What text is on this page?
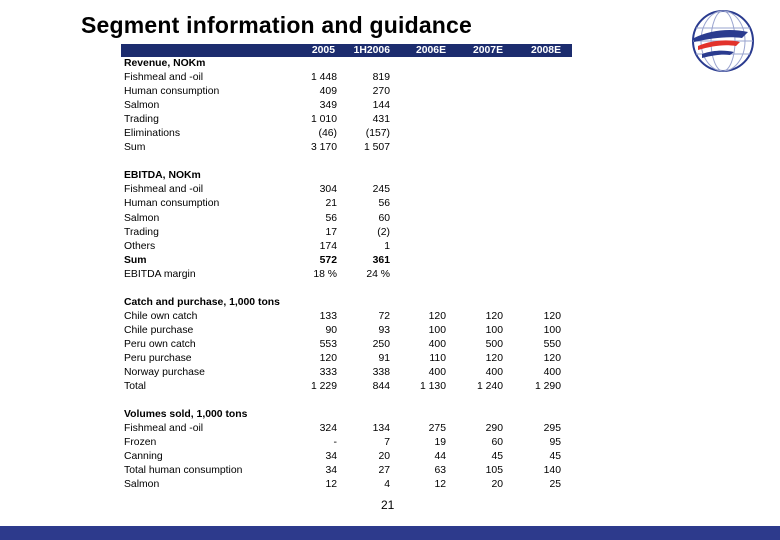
Segment information and guidance
2005	1H2006	2006E	2007E	2008E
Revenue, NOKm
Fishmeal and -oil	1 448	819
Human consumption	409	270
Salmon	349	144
Trading	1 010	431
Eliminations	(46)	(157)
Sum	3 170	1 507
EBITDA, NOKm
Fishmeal and -oil	304	245
Human consumption	21	56
Salmon	56	60
Trading	17	(2)
Others	174	1
Sum	572	361
EBITDA margin	18 %	24 %
Catch and purchase, 1,000 tons
Chile own catch	133	72	120	120	120
Chile purchase	90	93	100	100	100
Peru own catch	553	250	400	500	550
Peru purchase	120	91	110	120	120
Norway purchase	333	338	400	400	400
Total	1 229	844	1 130	1 240	1 290
Volumes sold, 1,000 tons
Fishmeal and -oil	324	134	275	290	295
Frozen	-	7	19	60	95
Canning	34	20	44	45	45
Total human consumption	34	27	63	105	140
Salmon	12	4	12	20	25
21
